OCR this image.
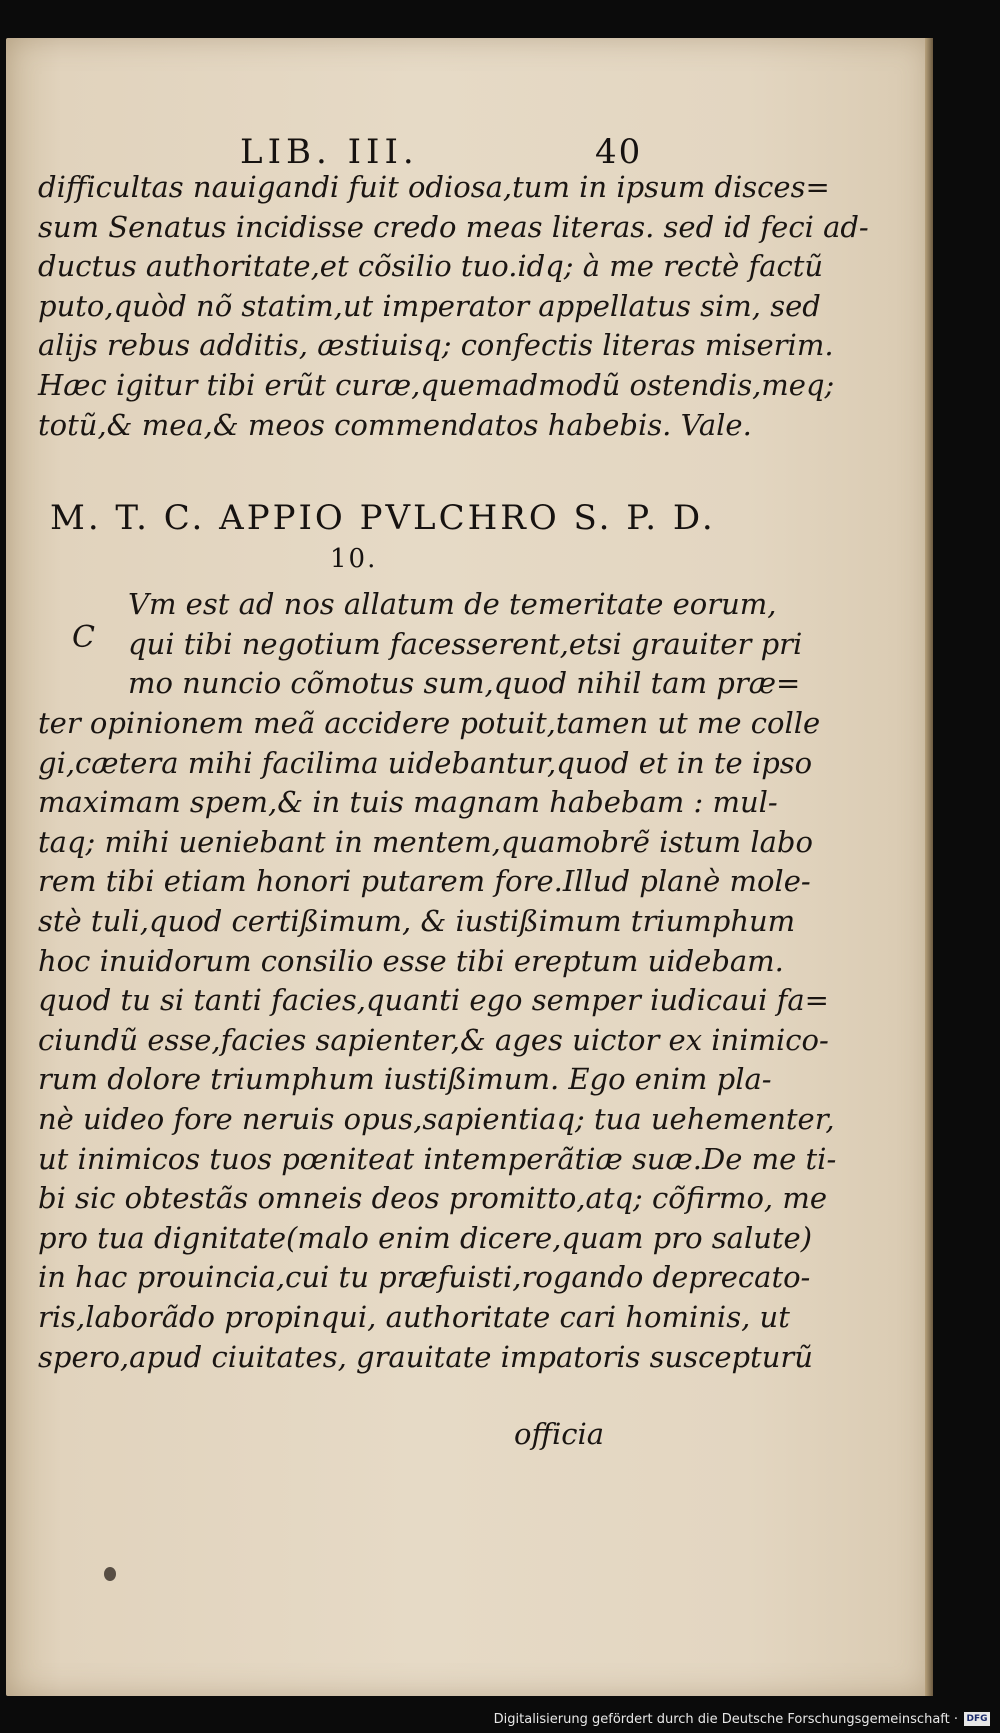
LIB. III.	40
difficultas nauigandi fuit odiosa,tum in ipsum disces=
sum Senatus incidisse credo meas literas. sed id feci ad-
ductus authoritate,et cõsilio tuo.idq; à me rectè factũ
puto,quòd nõ statim,ut imperator appellatus sim, sed
alijs rebus additis, æstiuisq; confectis literas miserim.
Hæc igitur tibi erũt curæ,quemadmodũ ostendis,meq;
totũ,& mea,& meos commendatos habebis. Vale.
M. T. C. APPIO PVLCHRO S. P. D.
10.
C
Vm est ad nos allatum de temeritate eorum,
qui tibi negotium facesserent,etsi grauiter pri
mo nuncio cõmotus sum,quod nihil tam præ=
ter opinionem meã accidere potuit,tamen ut me colle
gi,cætera mihi facilima uidebantur,quod et in te ipso
maximam spem,& in tuis magnam habebam : mul-
taq; mihi ueniebant in mentem,quamobrẽ istum labo
rem tibi etiam honori putarem fore.Illud planè mole-
stè tuli,quod certißimum, & iustißimum triumphum
hoc inuidorum consilio esse tibi ereptum uidebam.
quod tu si tanti facies,quanti ego semper iudicaui fa=
ciundũ esse,facies sapienter,& ages uictor ex inimico-
rum dolore triumphum iustißimum. Ego enim pla-
nè uideo fore neruis opus,sapientiaq; tua uehementer,
ut inimicos tuos pœniteat intemperãtiæ suæ.De me ti-
bi sic obtestãs omneis deos promitto,atq; cõfirmo, me
pro tua dignitate(malo enim dicere,quam pro salute)
in hac prouincia,cui tu præfuisti,rogando deprecato-
ris,laborãdo propinqui, authoritate cari hominis, ut
spero,apud ciuitates, grauitate impatoris suscepturũ
officia
Digitalisierung gefördert durch die Deutsche Forschungsgemeinschaft · DFG
